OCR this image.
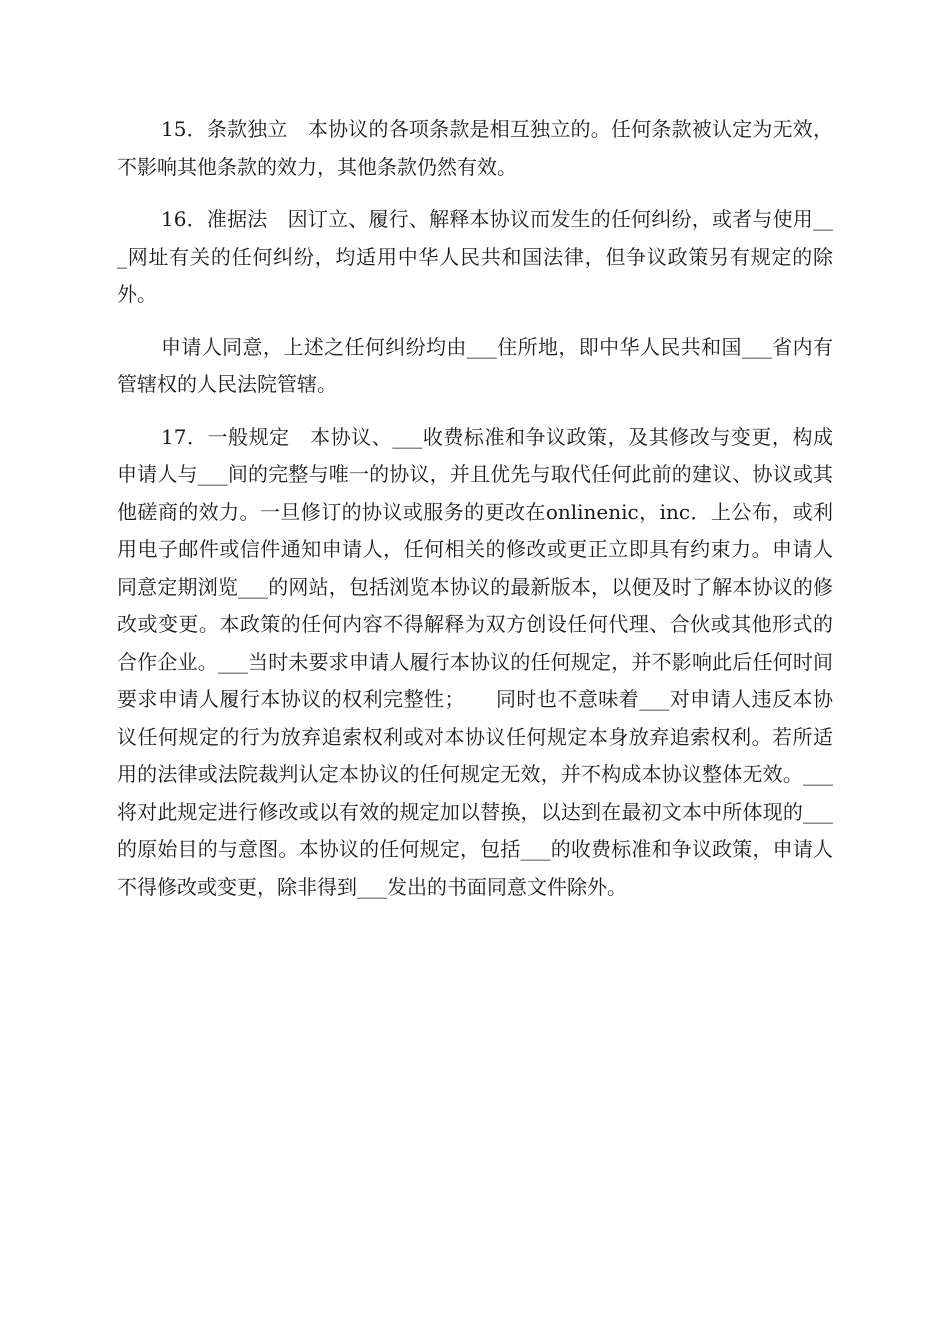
15．条款独立　本协议的各项条款是相互独立的。任何条款被认定为无效，不影响其他条款的效力，其他条款仍然有效。

16．准据法　因订立、履行、解释本协议而发生的任何纠纷，或者与使用___网址有关的任何纠纷，均适用中华人民共和国法律，但争议政策另有规定的除外。

申请人同意，上述之任何纠纷均由___住所地，即中华人民共和国___省内有管辖权的人民法院管辖。

17．一般规定　本协议、___收费标准和争议政策，及其修改与变更，构成申请人与___间的完整与唯一的协议，并且优先与取代任何此前的建议、协议或其他磋商的效力。一旦修订的协议或服务的更改在onlinenic，inc．上公布，或利用电子邮件或信件通知申请人，任何相关的修改或更正立即具有约束力。申请人同意定期浏览___的网站，包括浏览本协议的最新版本，以便及时了解本协议的修改或变更。本政策的任何内容不得解释为双方创设任何代理、合伙或其他形式的合作企业。___当时未要求申请人履行本协议的任何规定，并不影响此后任何时间要求申请人履行本协议的权利完整性；　　同时也不意味着___对申请人违反本协议任何规定的行为放弃追索权利或对本协议任何规定本身放弃追索权利。若所适用的法律或法院裁判认定本协议的任何规定无效，并不构成本协议整体无效。___将对此规定进行修改或以有效的规定加以替换，以达到在最初文本中所体现的___的原始目的与意图。本协议的任何规定，包括___的收费标准和争议政策，申请人不得修改或变更，除非得到___发出的书面同意文件除外。
